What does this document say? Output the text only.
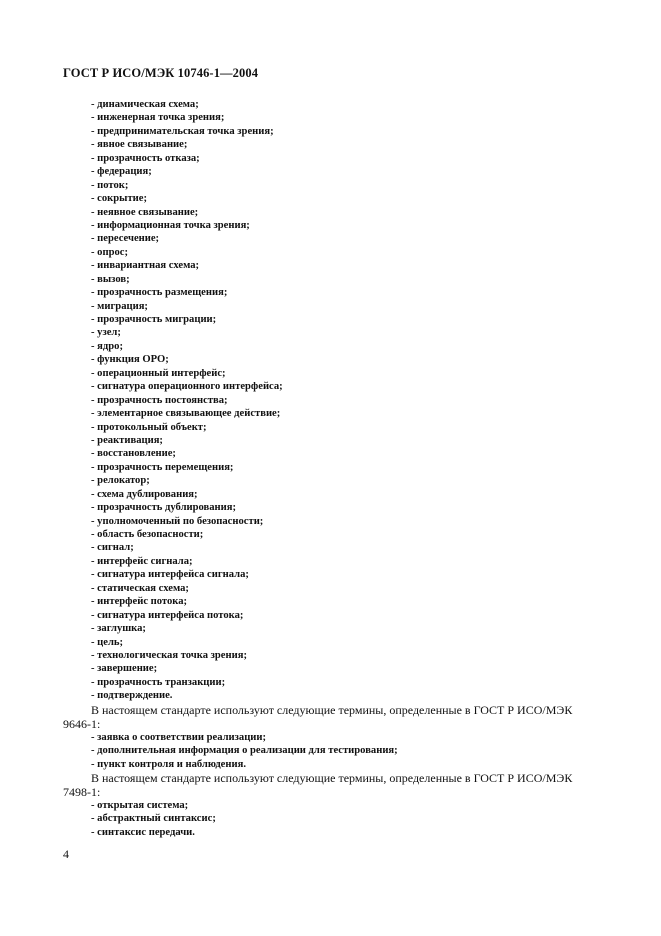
ГОСТ Р ИСО/МЭК 10746-1—2004
- динамическая схема;
- инженерная точка зрения;
- предпринимательская точка зрения;
- явное связывание;
- прозрачность отказа;
- федерация;
- поток;
- сокрытие;
- неявное связывание;
- информационная точка зрения;
- пересечение;
- опрос;
- инвариантная схема;
- вызов;
- прозрачность размещения;
- миграция;
- прозрачность миграции;
- узел;
- ядро;
- функция ОРО;
- операционный интерфейс;
- сигнатура операционного интерфейса;
- прозрачность постоянства;
- элементарное связывающее действие;
- протокольный объект;
- реактивация;
- восстановление;
- прозрачность перемещения;
- релокатор;
- схема дублирования;
- прозрачность дублирования;
- уполномоченный по безопасности;
- область безопасности;
- сигнал;
- интерфейс сигнала;
- сигнатура интерфейса сигнала;
- статическая схема;
- интерфейс потока;
- сигнатура интерфейса потока;
- заглушка;
- цель;
- технологическая точка зрения;
- завершение;
- прозрачность транзакции;
- подтверждение.
В настоящем стандарте используют следующие термины, определенные в ГОСТ Р ИСО/МЭК
9646-1:
- заявка о соответствии реализации;
- дополнительная информация о реализации для тестирования;
- пункт контроля и наблюдения.
В настоящем стандарте используют следующие термины, определенные в ГОСТ Р ИСО/МЭК
7498-1:
- открытая система;
- абстрактный синтаксис;
- синтаксис передачи.
4
